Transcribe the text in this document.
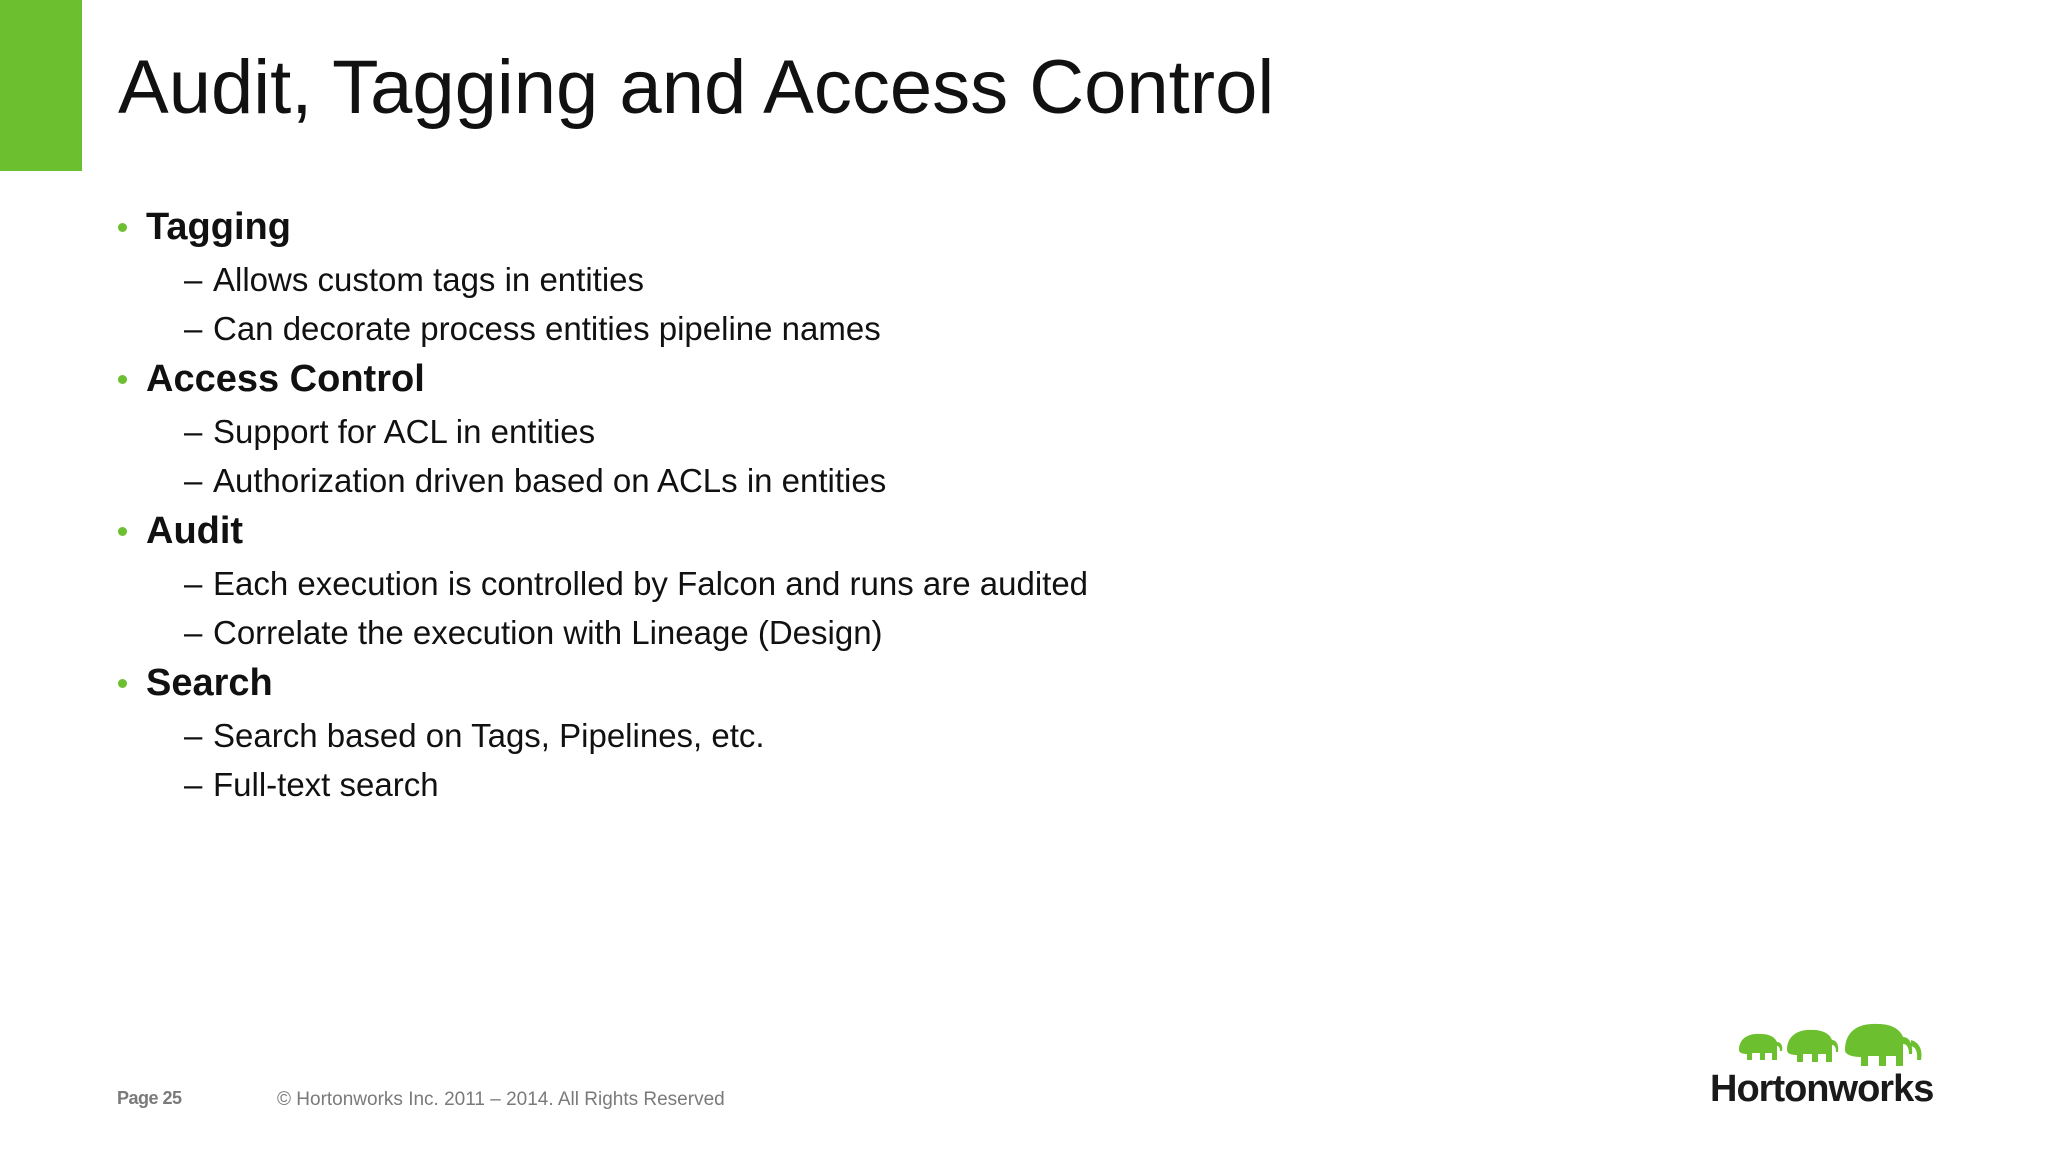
Audit, Tagging and Access Control
Tagging
– Allows custom tags in entities
– Can decorate process entities pipeline names
Access Control
– Support for ACL in entities
– Authorization driven based on ACLs in entities
Audit
– Each execution is controlled by Falcon and runs are audited
– Correlate the execution with Lineage (Design)
Search
– Search based on Tags, Pipelines, etc.
– Full-text search
Page 25	© Hortonworks Inc. 2011 – 2014. All Rights Reserved	Hortonworks
